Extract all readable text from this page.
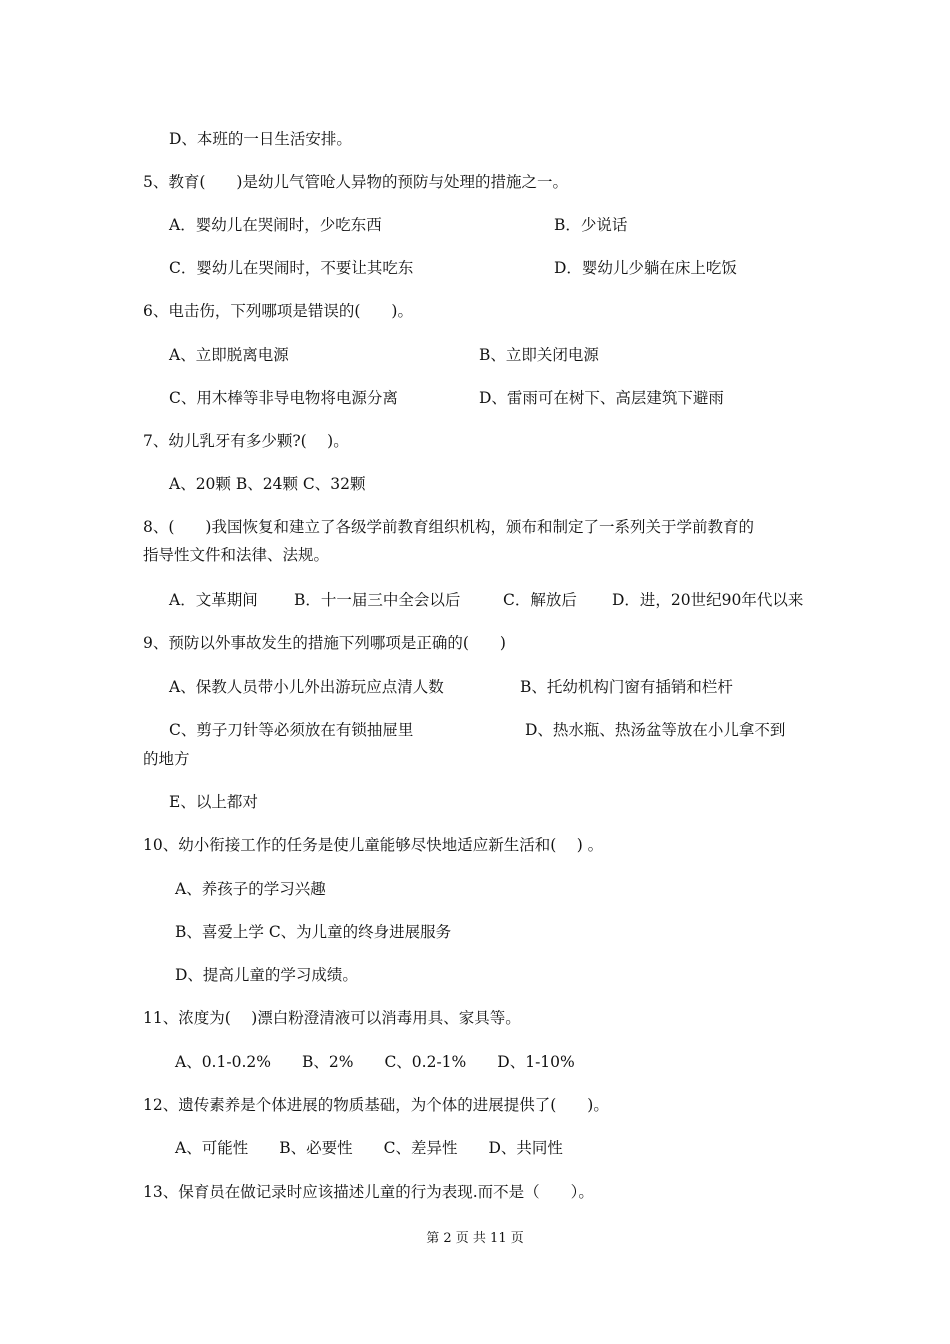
D、本班的一日生活安排。
5、教育(　　)是幼儿气管呛人异物的预防与处理的措施之一。
A．婴幼儿在哭闹时，少吃东西	B．少说话
C．婴幼儿在哭闹时，不要让其吃东	D．婴幼儿少躺在床上吃饭
6、电击伤，下列哪项是错误的(　　)。
A、立即脱离电源	B、立即关闭电源
C、用木棒等非导电物将电源分离	D、雷雨可在树下、高层建筑下避雨
7、幼儿乳牙有多少颗?(　 )。
A、20颗 B、24颗 C、32颗
8、(　　)我国恢复和建立了各级学前教育组织机构，颁布和制定了一系列关于学前教育的
指导性文件和法律、法规。
A．文革期间 B．十一届三中全会以后	C．解放后 D．进，20世纪90年代以来
9、预防以外事故发生的措施下列哪项是正确的(　　)
A、保教人员带小儿外出游玩应点清人数	B、托幼机构门窗有插销和栏杆
C、剪子刀针等必须放在有锁抽屉里	D、热水瓶、热汤盆等放在小儿拿不到
的地方
E、以上都对
10、幼小衔接工作的任务是使儿童能够尽快地适应新生活和(　 ) 。
A、养孩子的学习兴趣
B、喜爱上学 C、为儿童的终身进展服务
D、提高儿童的学习成绩。
11、浓度为(　 )漂白粉澄清液可以消毒用具、家具等。
A、0.1-0.2%　　B、2%　　C、0.2-1%　　D、1-10%
12、遗传素养是个体进展的物质基础，为个体的进展提供了(　　)。
A、可能性　　B、必要性　　C、差异性　　D、共同性
13、保育员在做记录时应该描述儿童的行为表现.而不是（　　）。
第 2 页 共 11 页
